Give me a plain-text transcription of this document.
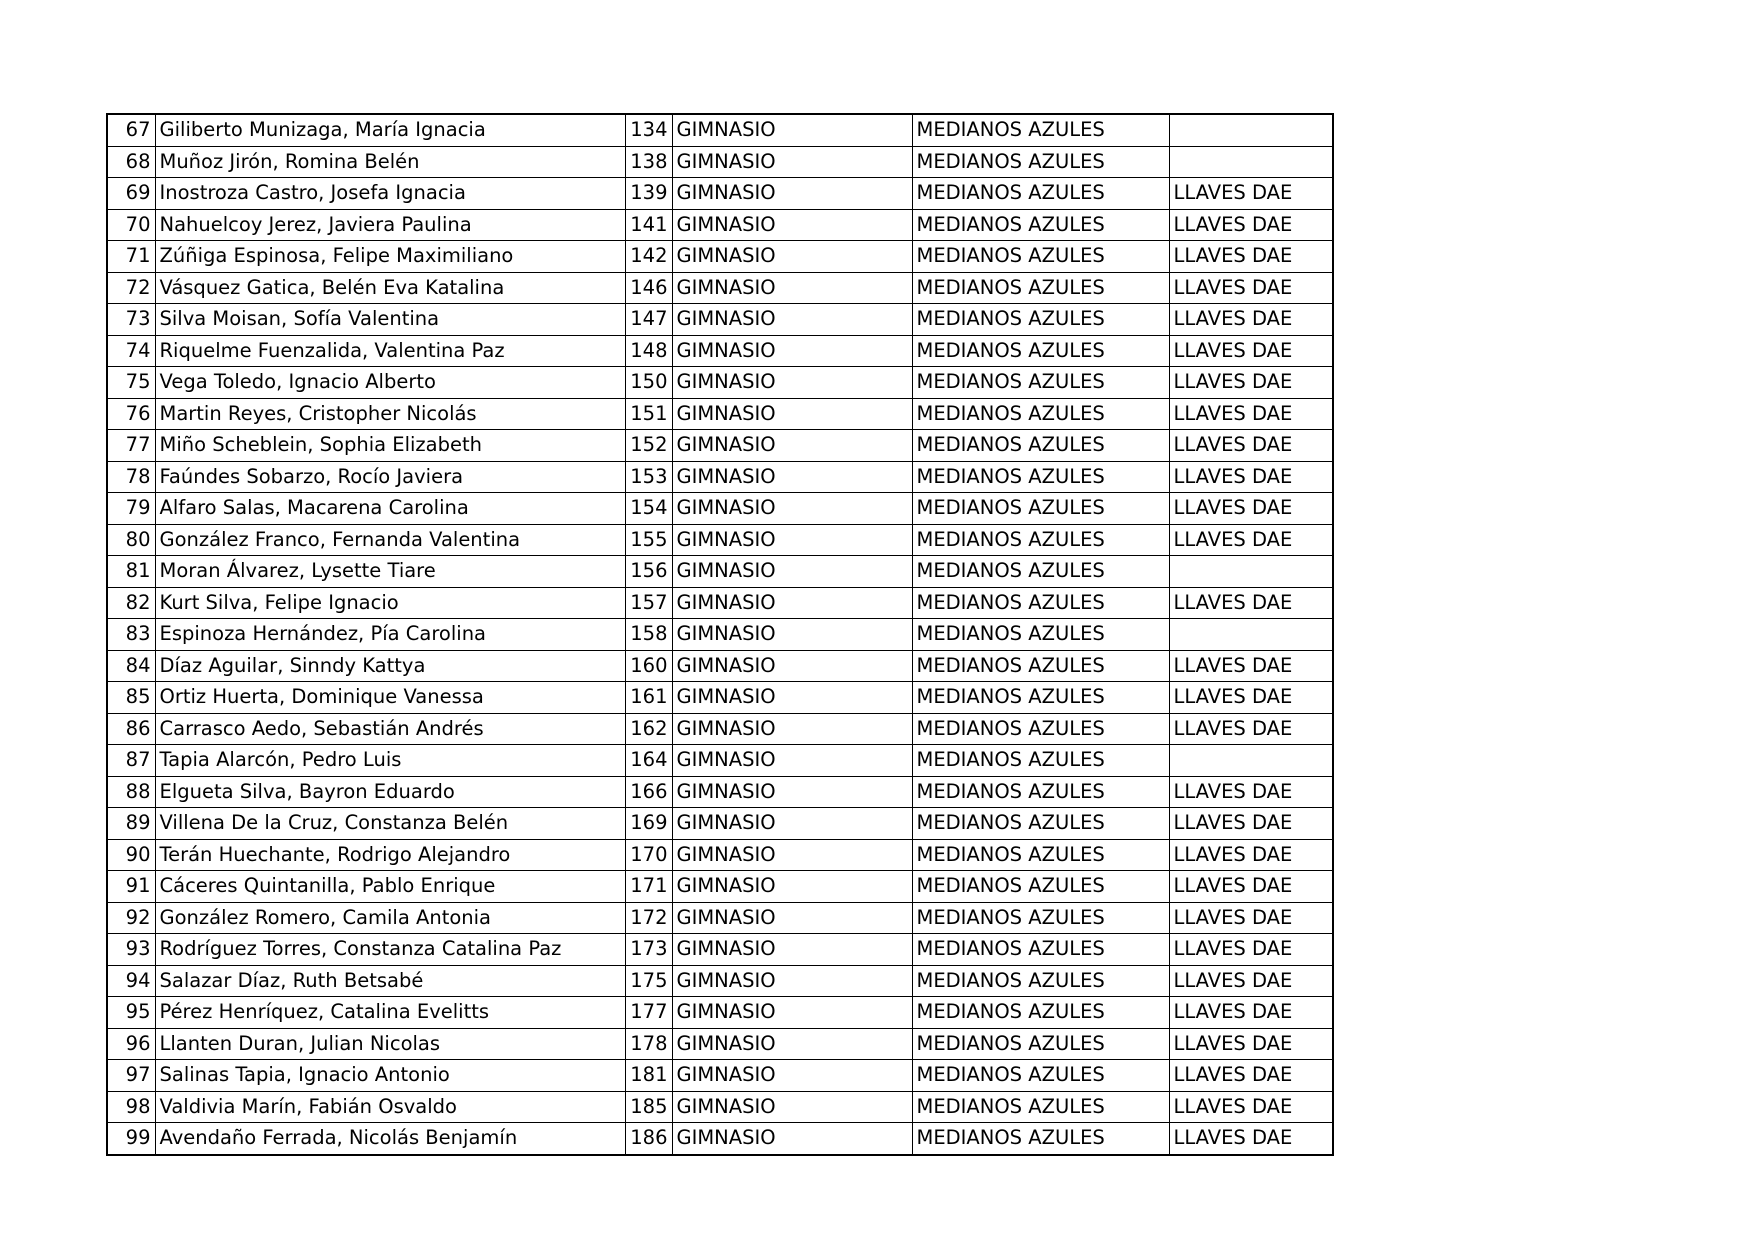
67	Giliberto Munizaga, María Ignacia	134	GIMNASIO	MEDIANOS AZULES	
68	Muñoz Jirón, Romina Belén	138	GIMNASIO	MEDIANOS AZULES	
69	Inostroza Castro, Josefa Ignacia	139	GIMNASIO	MEDIANOS AZULES	LLAVES DAE
70	Nahuelcoy Jerez, Javiera Paulina	141	GIMNASIO	MEDIANOS AZULES	LLAVES DAE
71	Zúñiga Espinosa, Felipe Maximiliano	142	GIMNASIO	MEDIANOS AZULES	LLAVES DAE
72	Vásquez Gatica, Belén Eva Katalina	146	GIMNASIO	MEDIANOS AZULES	LLAVES DAE
73	Silva Moisan, Sofía Valentina	147	GIMNASIO	MEDIANOS AZULES	LLAVES DAE
74	Riquelme Fuenzalida, Valentina Paz	148	GIMNASIO	MEDIANOS AZULES	LLAVES DAE
75	Vega Toledo, Ignacio Alberto	150	GIMNASIO	MEDIANOS AZULES	LLAVES DAE
76	Martin Reyes, Cristopher Nicolás	151	GIMNASIO	MEDIANOS AZULES	LLAVES DAE
77	Miño Scheblein, Sophia Elizabeth	152	GIMNASIO	MEDIANOS AZULES	LLAVES DAE
78	Faúndes Sobarzo, Rocío Javiera	153	GIMNASIO	MEDIANOS AZULES	LLAVES DAE
79	Alfaro Salas, Macarena Carolina	154	GIMNASIO	MEDIANOS AZULES	LLAVES DAE
80	González Franco, Fernanda Valentina	155	GIMNASIO	MEDIANOS AZULES	LLAVES DAE
81	Moran Álvarez, Lysette Tiare	156	GIMNASIO	MEDIANOS AZULES	
82	Kurt Silva, Felipe Ignacio	157	GIMNASIO	MEDIANOS AZULES	LLAVES DAE
83	Espinoza Hernández, Pía Carolina	158	GIMNASIO	MEDIANOS AZULES	
84	Díaz Aguilar, Sinndy Kattya	160	GIMNASIO	MEDIANOS AZULES	LLAVES DAE
85	Ortiz Huerta, Dominique Vanessa	161	GIMNASIO	MEDIANOS AZULES	LLAVES DAE
86	Carrasco Aedo, Sebastián Andrés	162	GIMNASIO	MEDIANOS AZULES	LLAVES DAE
87	Tapia Alarcón, Pedro Luis	164	GIMNASIO	MEDIANOS AZULES	
88	Elgueta Silva, Bayron Eduardo	166	GIMNASIO	MEDIANOS AZULES	LLAVES DAE
89	Villena De la Cruz, Constanza Belén	169	GIMNASIO	MEDIANOS AZULES	LLAVES DAE
90	Terán Huechante, Rodrigo Alejandro	170	GIMNASIO	MEDIANOS AZULES	LLAVES DAE
91	Cáceres Quintanilla, Pablo Enrique	171	GIMNASIO	MEDIANOS AZULES	LLAVES DAE
92	González Romero, Camila Antonia	172	GIMNASIO	MEDIANOS AZULES	LLAVES DAE
93	Rodríguez Torres, Constanza Catalina Paz	173	GIMNASIO	MEDIANOS AZULES	LLAVES DAE
94	Salazar Díaz, Ruth Betsabé	175	GIMNASIO	MEDIANOS AZULES	LLAVES DAE
95	Pérez Henríquez, Catalina Evelitts	177	GIMNASIO	MEDIANOS AZULES	LLAVES DAE
96	Llanten Duran, Julian Nicolas	178	GIMNASIO	MEDIANOS AZULES	LLAVES DAE
97	Salinas Tapia, Ignacio Antonio	181	GIMNASIO	MEDIANOS AZULES	LLAVES DAE
98	Valdivia Marín, Fabián Osvaldo	185	GIMNASIO	MEDIANOS AZULES	LLAVES DAE
99	Avendaño Ferrada, Nicolás Benjamín	186	GIMNASIO	MEDIANOS AZULES	LLAVES DAE
